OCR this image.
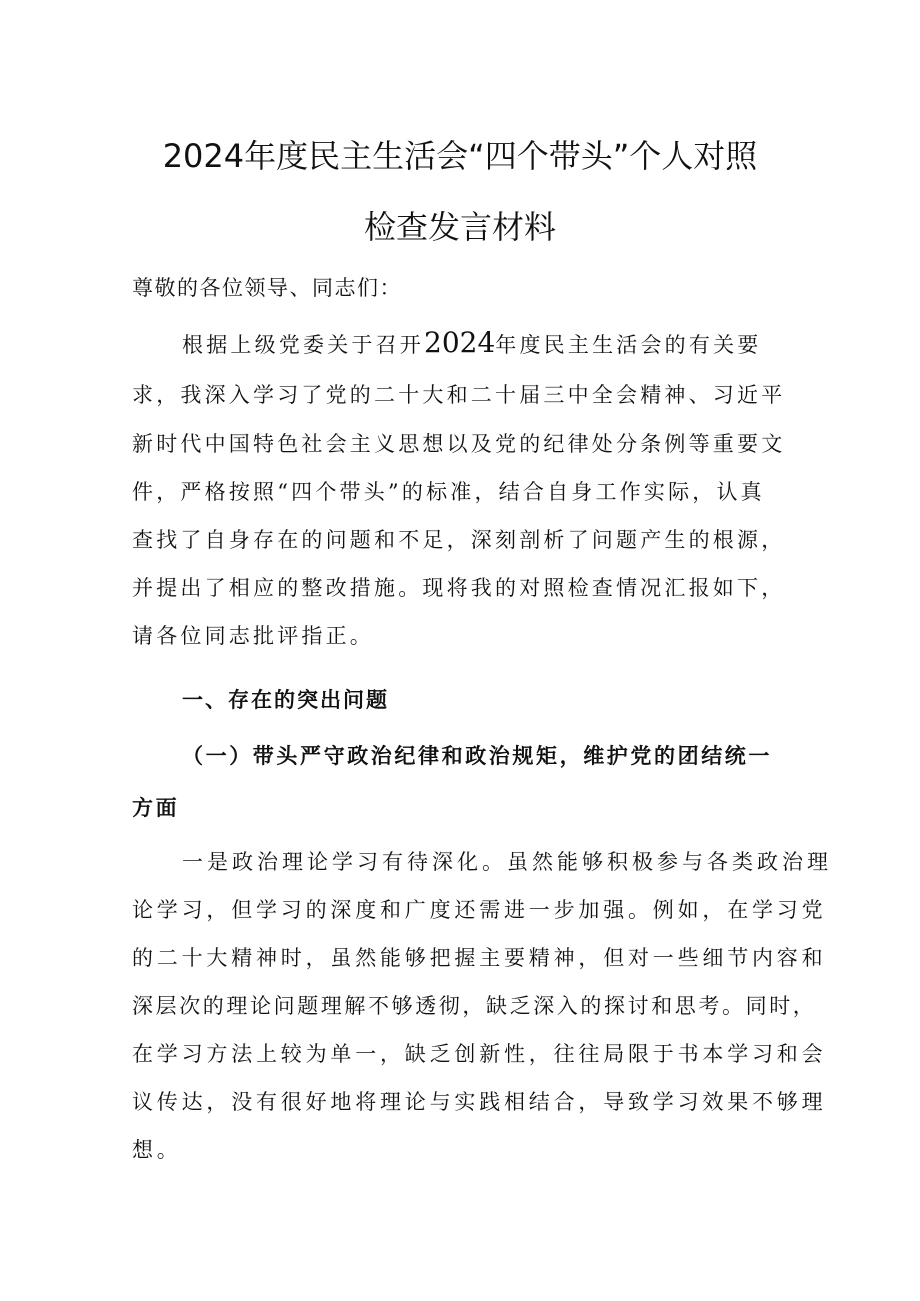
2024年度民主生活会“四个带头”个人对照
检查发言材料
尊敬的各位领导、同志们：
根据上级党委关于召开2024年度民主生活会的有关要
求，我深入学习了党的二十大和二十届三中全会精神、习近平
新时代中国特色社会主义思想以及党的纪律处分条例等重要文
件，严格按照“四个带头”的标准，结合自身工作实际，认真
查找了自身存在的问题和不足，深刻剖析了问题产生的根源，
并提出了相应的整改措施。现将我的对照检查情况汇报如下，
请各位同志批评指正。
一、存在的突出问题
（一）带头严守政治纪律和政治规矩，维护党的团结统一
方面
一是政治理论学习有待深化。虽然能够积极参与各类政治理
论学习，但学习的深度和广度还需进一步加强。例如，在学习党
的二十大精神时，虽然能够把握主要精神，但对一些细节内容和
深层次的理论问题理解不够透彻，缺乏深入的探讨和思考。同时，
在学习方法上较为单一，缺乏创新性，往往局限于书本学习和会
议传达，没有很好地将理论与实践相结合，导致学习效果不够理
想。
